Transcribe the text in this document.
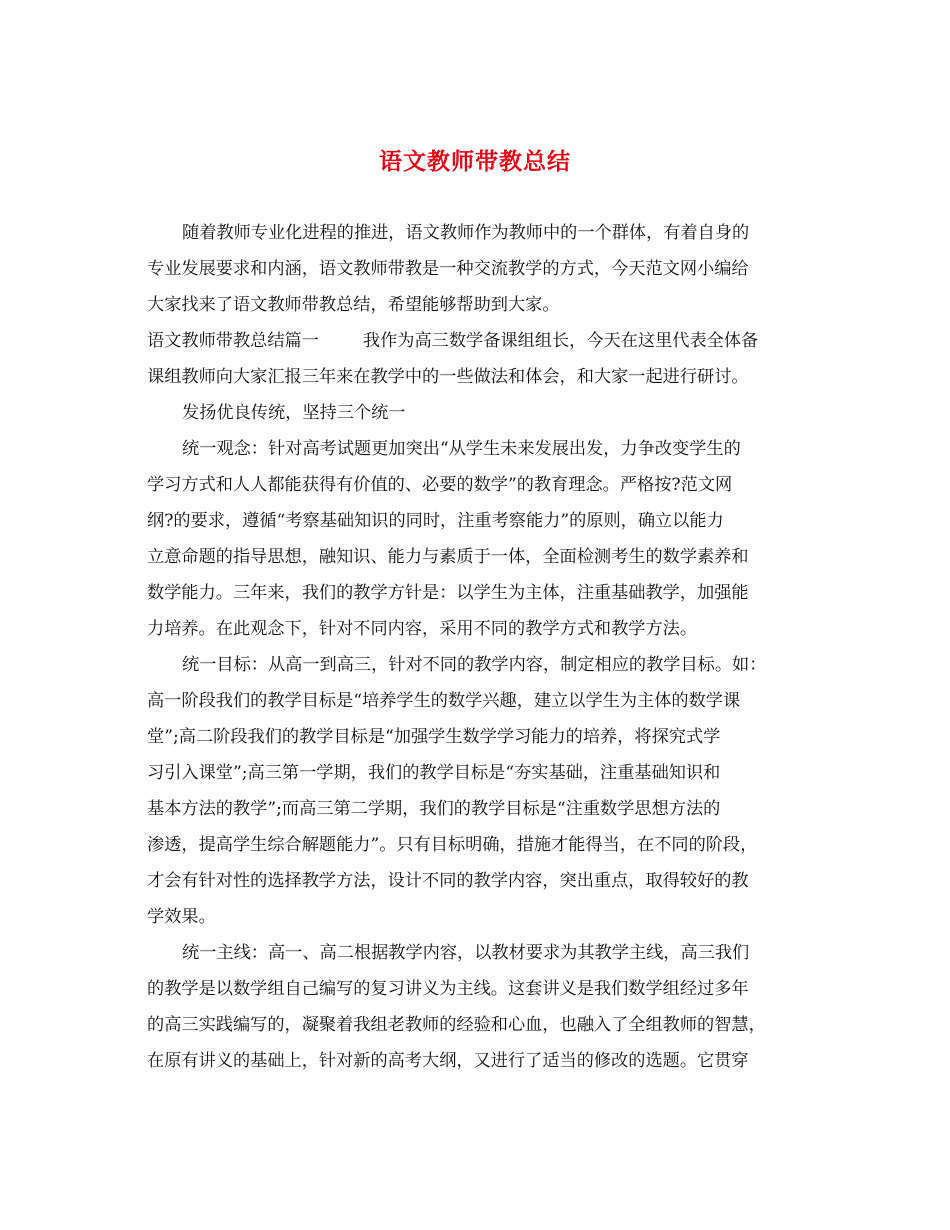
语文教师带教总结
随着教师专业化进程的推进，语文教师作为教师中的一个群体，有着自身的
专业发展要求和内涵，语文教师带教是一种交流教学的方式，今天范文网小编给
大家找来了语文教师带教总结，希望能够帮助到大家。
语文教师带教总结篇一	我作为高三数学备课组组长，今天在这里代表全体备
课组教师向大家汇报三年来在教学中的一些做法和体会，和大家一起进行研讨。
发扬优良传统，坚持三个统一
统一观念：针对高考试题更加突出“从学生未来发展出发，力争改变学生的
学习方式和人人都能获得有价值的、必要的数学”的教育理念。严格按?范文网
纲?的要求，遵循“考察基础知识的同时，注重考察能力”的原则，确立以能力
立意命题的指导思想，融知识、能力与素质于一体，全面检测考生的数学素养和
数学能力。三年来，我们的教学方针是：以学生为主体，注重基础教学，加强能
力培养。在此观念下，针对不同内容，采用不同的教学方式和教学方法。
统一目标：从高一到高三，针对不同的教学内容，制定相应的教学目标。如：
高一阶段我们的教学目标是“培养学生的数学兴趣，建立以学生为主体的数学课
堂”;高二阶段我们的教学目标是“加强学生数学学习能力的培养，将探究式学
习引入课堂”;高三第一学期，我们的教学目标是“夯实基础，注重基础知识和
基本方法的教学”;而高三第二学期，我们的教学目标是“注重数学思想方法的
渗透，提高学生综合解题能力”。只有目标明确，措施才能得当，在不同的阶段，
才会有针对性的选择教学方法，设计不同的教学内容，突出重点，取得较好的教
学效果。
统一主线：高一、高二根据教学内容，以教材要求为其教学主线，高三我们
的教学是以数学组自己编写的复习讲义为主线。这套讲义是我们数学组经过多年
的高三实践编写的，凝聚着我组老教师的经验和心血，也融入了全组教师的智慧，
在原有讲义的基础上，针对新的高考大纲，又进行了适当的修改的选题。它贯穿
